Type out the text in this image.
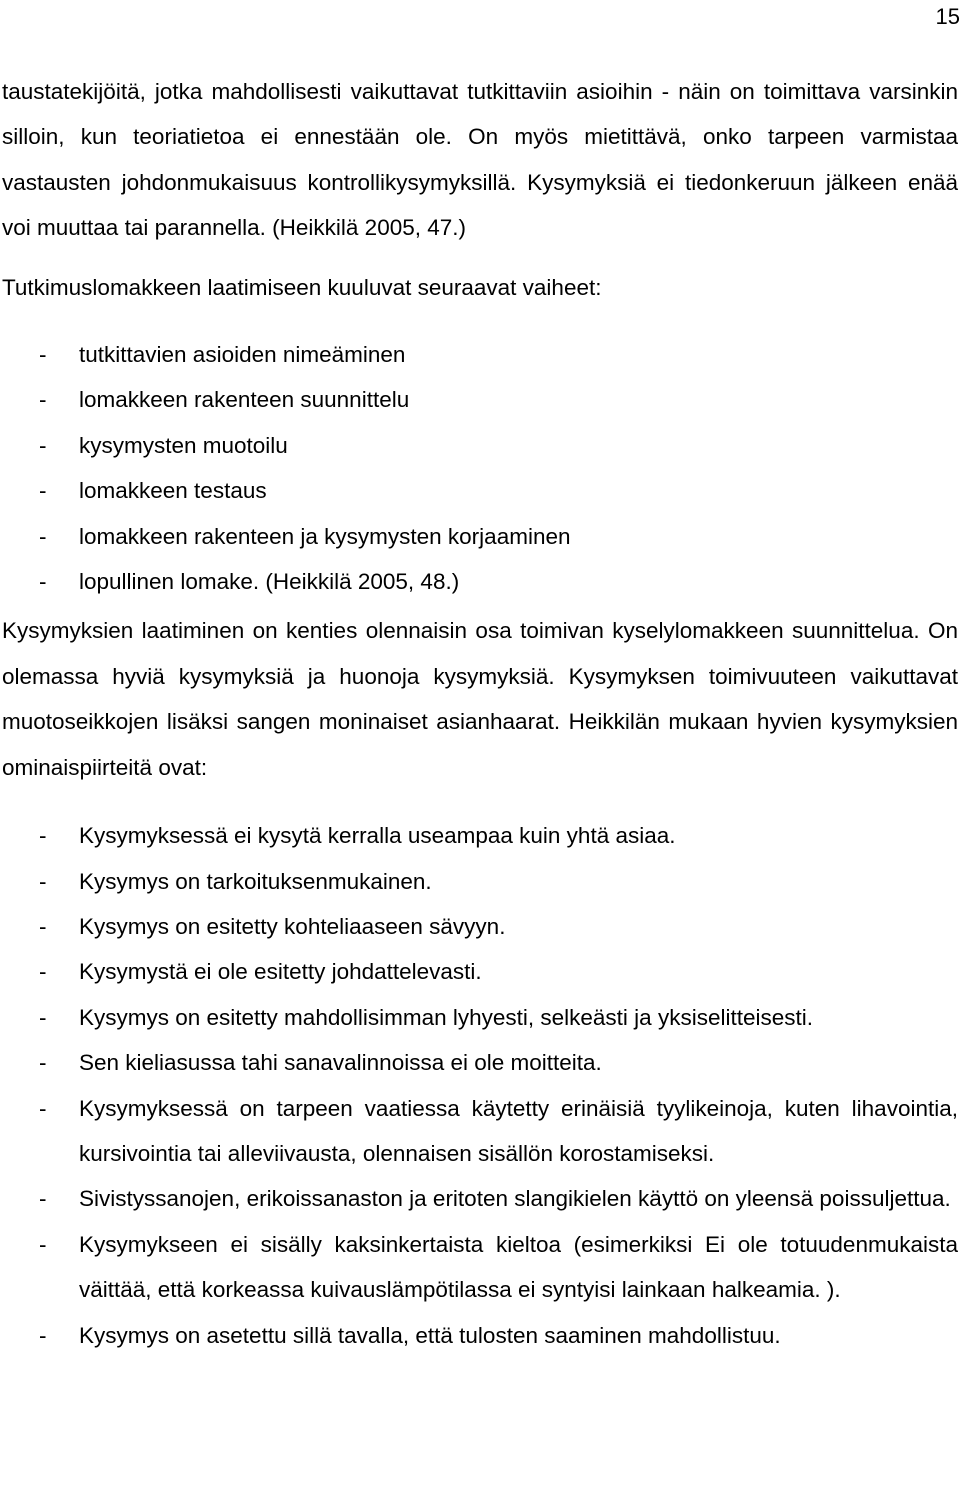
15

taustatekijöitä, jotka mahdollisesti vaikuttavat tutkittaviin asioihin - näin on toimittava varsinkin silloin, kun teoriatietoa ei ennestään ole. On myös mietittävä, onko tarpeen varmistaa vastausten johdonmukaisuus kontrollikysymyksillä. Kysymyksiä ei tiedonkeruun jälkeen enää voi muuttaa tai parannella. (Heikkilä 2005, 47.)

Tutkimuslomakkeen laatimiseen kuuluvat seuraavat vaiheet:

- tutkittavien asioiden nimeäminen
- lomakkeen rakenteen suunnittelu
- kysymysten muotoilu
- lomakkeen testaus
- lomakkeen rakenteen ja kysymysten korjaaminen
- lopullinen lomake. (Heikkilä 2005, 48.)

Kysymyksien laatiminen on kenties olennaisin osa toimivan kyselylomakkeen suunnittelua. On olemassa hyviä kysymyksiä ja huonoja kysymyksiä. Kysymyksen toimivuuteen vaikuttavat muotoseikkojen lisäksi sangen moninaiset asianhaarat. Heikkilän mukaan hyvien kysymyksien ominaispiirteitä ovat:

- Kysymyksessä ei kysytä kerralla useampaa kuin yhtä asiaa.
- Kysymys on tarkoituksenmukainen.
- Kysymys on esitetty kohteliaaseen sävyyn.
- Kysymystä ei ole esitetty johdattelevasti.
- Kysymys on esitetty mahdollisimman lyhyesti, selkeästi ja yksiselitteisesti.
- Sen kieliasussa tahi sanavalinnoissa ei ole moitteita.
- Kysymyksessä on tarpeen vaatiessa käytetty erinäisiä tyylikeinoja, kuten lihavointia, kursivointia tai alleviivausta, olennaisen sisällön korostamiseksi.
- Sivistyssanojen, erikoissanaston ja eritoten slangikielen käyttö on yleensä poissuljettua.
- Kysymykseen ei sisälly kaksinkertaista kieltoa (esimerkiksi Ei ole totuudenmukaista väittää, että korkeassa kuivauslämpötilassa ei syntyisi lainkaan halkeamia. ).
- Kysymys on asetettu sillä tavalla, että tulosten saaminen mahdollistuu.
